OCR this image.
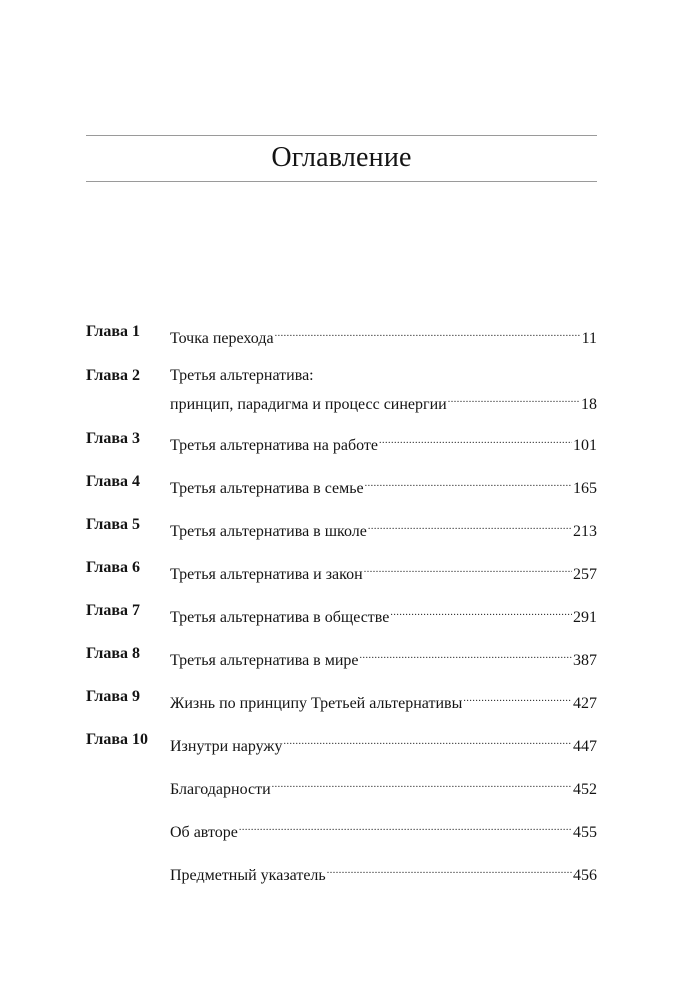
Оглавление
Глава 1 Точка перехода .....	11
Глава 2 Третья альтернатива:
принцип, парадигма и процесс синергии .....	18
Глава 3 Третья альтернатива на работе .....	101
Глава 4 Третья альтернатива в семье .....	165
Глава 5 Третья альтернатива в школе .....	213
Глава 6 Третья альтернатива и закон .....	257
Глава 7 Третья альтернатива в обществе .....	291
Глава 8 Третья альтернатива в мире .....	387
Глава 9 Жизнь по принципу Третьей альтернативы .....	427
Глава 10 Изнутри наружу .....	447
Благодарности .....	452
Об авторе .....	455
Предметный указатель .....	456
